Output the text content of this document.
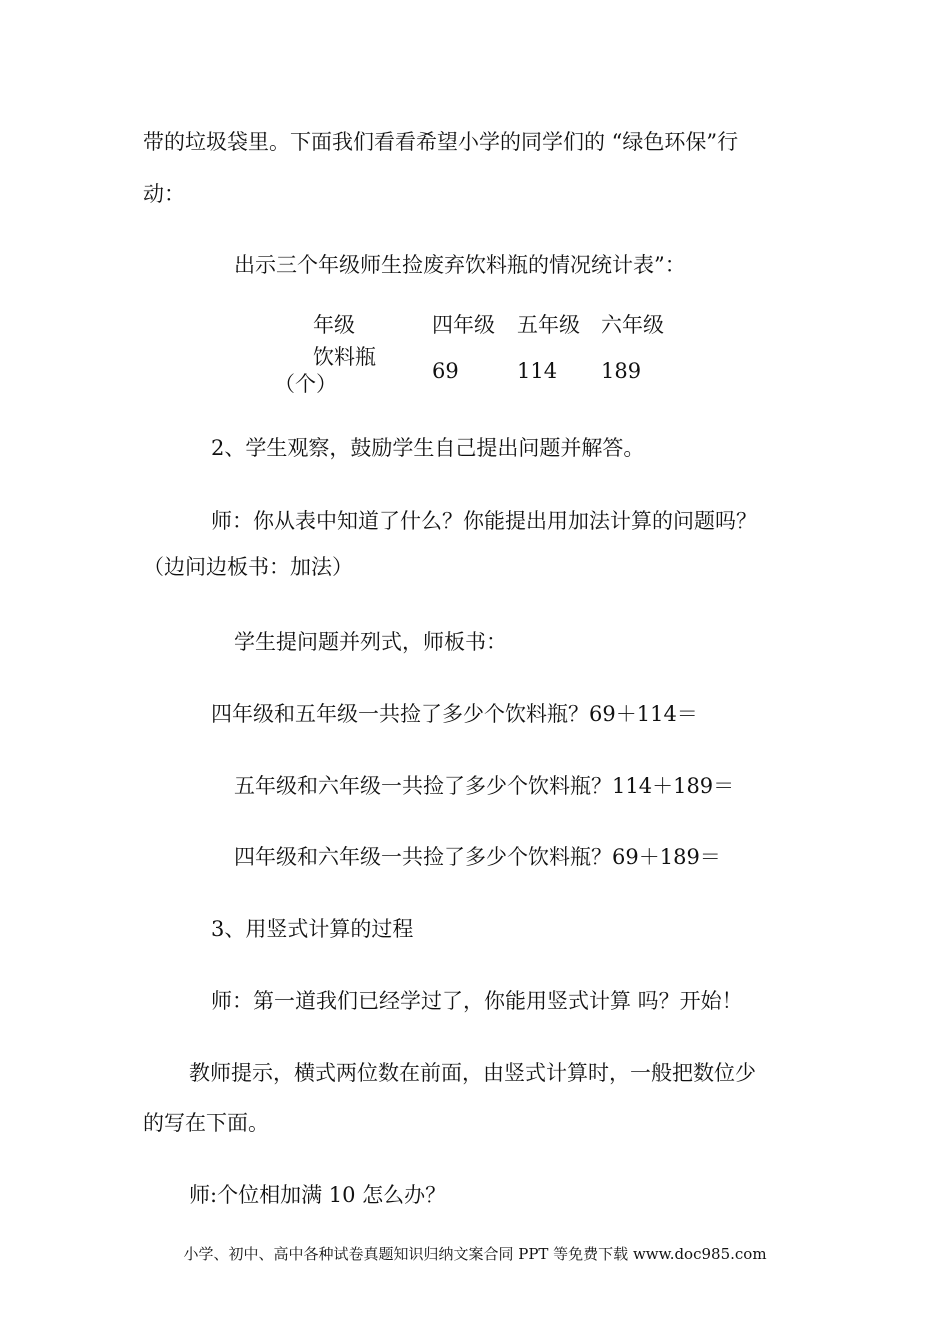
带的垃圾袋里。下面我们看看希望小学的同学们的 “绿色环保”行
动：
出示三个年级师生捡废弃饮料瓶的情况统计表”：
年级	四年级 五年级 六年级
饮料瓶
（个）
69	114 189
2、学生观察，鼓励学生自己提出问题并解答。
师：你从表中知道了什么？你能提出用加法计算的问题吗？
（边问边板书：加法）
学生提问题并列式，师板书：
四年级和五年级一共捡了多少个饮料瓶？69＋114＝
五年级和六年级一共捡了多少个饮料瓶？114＋189＝
四年级和六年级一共捡了多少个饮料瓶？69＋189＝
3、用竖式计算的过程
师：第一道我们已经学过了，你能用竖式计算 吗？开始！
教师提示，横式两位数在前面，由竖式计算时，一般把数位少
的写在下面。
师:个位相加满 10 怎么办？
小学、初中、高中各种试卷真题知识归纳文案合同 PPT 等免费下载 www.doc985.com
